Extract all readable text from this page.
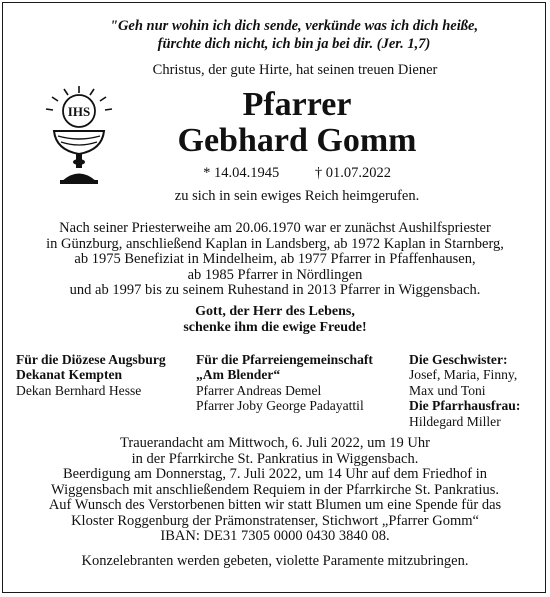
"Geh nur wohin ich dich sende, verkünde was ich dich heiße,
fürchte dich nicht, ich bin ja bei dir. (Jer. 1,7)
Christus, der gute Hirte, hat seinen treuen Diener
IHS	Pfarrer
Gebhard Gomm
* 14.04.1945 † 01.07.2022
zu sich in sein ewiges Reich heimgerufen.
Nach seiner Priesterweihe am 20.06.1970 war er zunächst Aushilfspriester
in Günzburg, anschließend Kaplan in Landsberg, ab 1972 Kaplan in Starnberg,
ab 1975 Benefiziat in Mindelheim, ab 1977 Pfarrer in Pfaffenhausen,
ab 1985 Pfarrer in Nördlingen
und ab 1997 bis zu seinem Ruhestand in 2013 Pfarrer in Wiggensbach.
Gott, der Herr des Lebens,
schenke ihm die ewige Freude!
Für die Diözese Augsburg
Dekanat Kempten
Dekan Bernhard Hesse
Für die Pfarreiengemeinschaft
„Am Blender“
Pfarrer Andreas Demel
Pfarrer Joby George Padayattil
Die Geschwister:
Josef, Maria, Finny,
Max und Toni
Die Pfarrhausfrau:
Hildegard Miller
Trauerandacht am Mittwoch, 6. Juli 2022, um 19 Uhr
in der Pfarrkirche St. Pankratius in Wiggensbach.
Beerdigung am Donnerstag, 7. Juli 2022, um 14 Uhr auf dem Friedhof in
Wiggensbach mit anschließendem Requiem in der Pfarrkirche St. Pankratius.
Auf Wunsch des Verstorbenen bitten wir statt Blumen um eine Spende für das
Kloster Roggenburg der Prämonstratenser, Stichwort „Pfarrer Gomm“
IBAN: DE31 7305 0000 0430 3840 08.
Konzelebranten werden gebeten, violette Paramente mitzubringen.
